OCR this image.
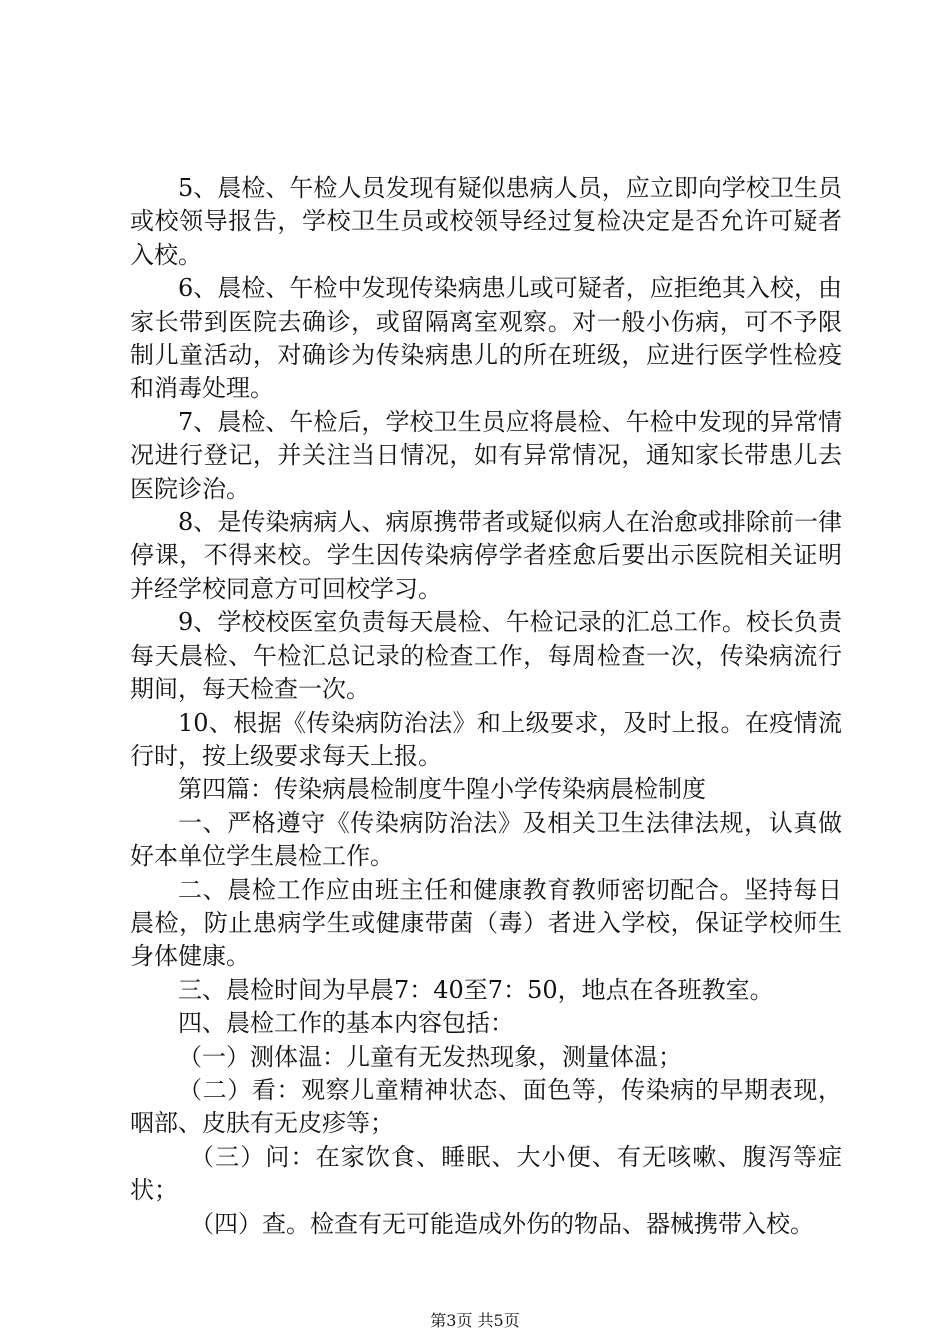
5、晨检、午检人员发现有疑似患病人员，应立即向学校卫生员或校领导报告，学校卫生员或校领导经过复检决定是否允许可疑者入校。

6、晨检、午检中发现传染病患儿或可疑者，应拒绝其入校，由家长带到医院去确诊，或留隔离室观察。对一般小伤病，可不予限制儿童活动，对确诊为传染病患儿的所在班级，应进行医学性检疫和消毒处理。

7、晨检、午检后，学校卫生员应将晨检、午检中发现的异常情况进行登记，并关注当日情况，如有异常情况，通知家长带患儿去医院诊治。

8、是传染病病人、病原携带者或疑似病人在治愈或排除前一律停课，不得来校。学生因传染病停学者痊愈后要出示医院相关证明并经学校同意方可回校学习。

9、学校校医室负责每天晨检、午检记录的汇总工作。校长负责每天晨检、午检汇总记录的检查工作，每周检查一次，传染病流行期间，每天检查一次。

10、根据《传染病防治法》和上级要求，及时上报。在疫情流行时，按上级要求每天上报。

第四篇：传染病晨检制度牛隍小学传染病晨检制度

一、严格遵守《传染病防治法》及相关卫生法律法规，认真做好本单位学生晨检工作。

二、晨检工作应由班主任和健康教育教师密切配合。坚持每日晨检，防止患病学生或健康带菌（毒）者进入学校，保证学校师生身体健康。

三、晨检时间为早晨7：40至7：50，地点在各班教室。

四、晨检工作的基本内容包括：

（一）测体温：儿童有无发热现象，测量体温；

（二）看：观察儿童精神状态、面色等，传染病的早期表现，咽部、皮肤有无皮疹等；

（三）问：在家饮食、睡眠、大小便、有无咳嗽、腹泻等症状；

（四）查。检查有无可能造成外伤的物品、器械携带入校。

第3页 共5页
